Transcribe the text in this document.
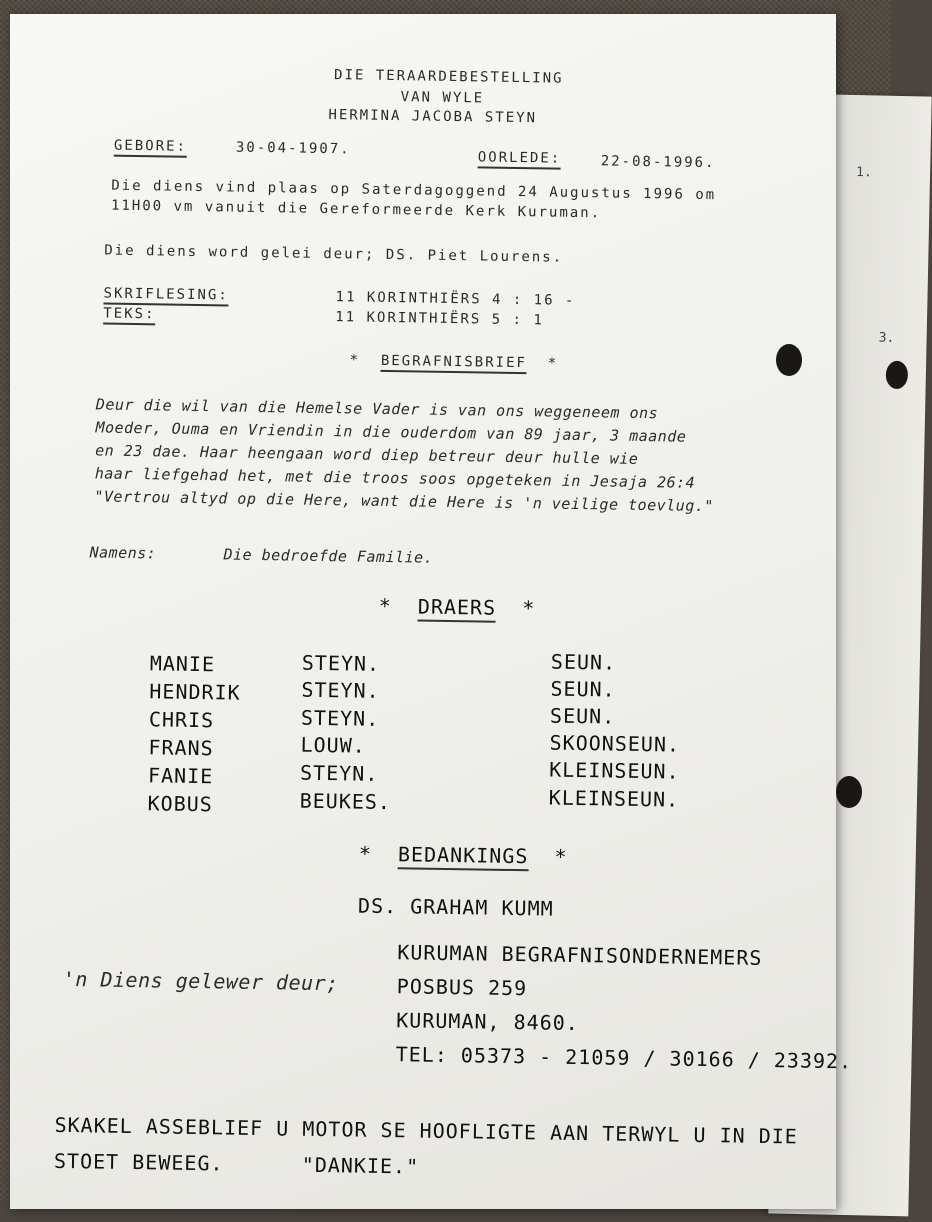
1.
3.
DIE TERAARDEBESTELLING
VAN WYLE
HERMINA JACOBA STEYN
GEBORE:	30-04-1907.
OORLEDE:	22-08-1996.
Die diens vind plaas op Saterdagoggend 24 Augustus 1996 om
11H00 vm vanuit die Gereformeerde Kerk Kuruman.
Die diens word gelei deur; DS. Piet Lourens.
SKRIFLESING:	11 KORINTHIËRS 4 : 16 -
TEKS:	11 KORINTHIËRS 5 : 1
* BEGRAFNISBRIEF *
Deur die wil van die Hemelse Vader is van ons weggeneem ons
Moeder, Ouma en Vriendin in die ouderdom van 89 jaar, 3 maande
en 23 dae. Haar heengaan word diep betreur deur hulle wie
haar liefgehad het, met die troos soos opgeteken in Jesaja 26:4
"Vertrou altyd op die Here, want die Here is 'n veilige toevlug."
Namens:	Die bedroefde Familie.
* DRAERS *
MANIE	STEYN.	SEUN.
HENDRIK	STEYN.	SEUN.
CHRIS	STEYN.	SEUN.
FRANS	LOUW.	SKOONSEUN.
FANIE	STEYN.	KLEINSEUN.
KOBUS	BEUKES.	KLEINSEUN.
* BEDANKINGS *
DS. GRAHAM KUMM
'n Diens gelewer deur;
KURUMAN BEGRAFNISONDERNEMERS
POSBUS 259
KURUMAN, 8460.
TEL: 05373 - 21059 / 30166 / 23392.
SKAKEL ASSEBLIEF U MOTOR SE HOOFLIGTE AAN TERWYL U IN DIE
STOET BEWEEG.	"DANKIE."
